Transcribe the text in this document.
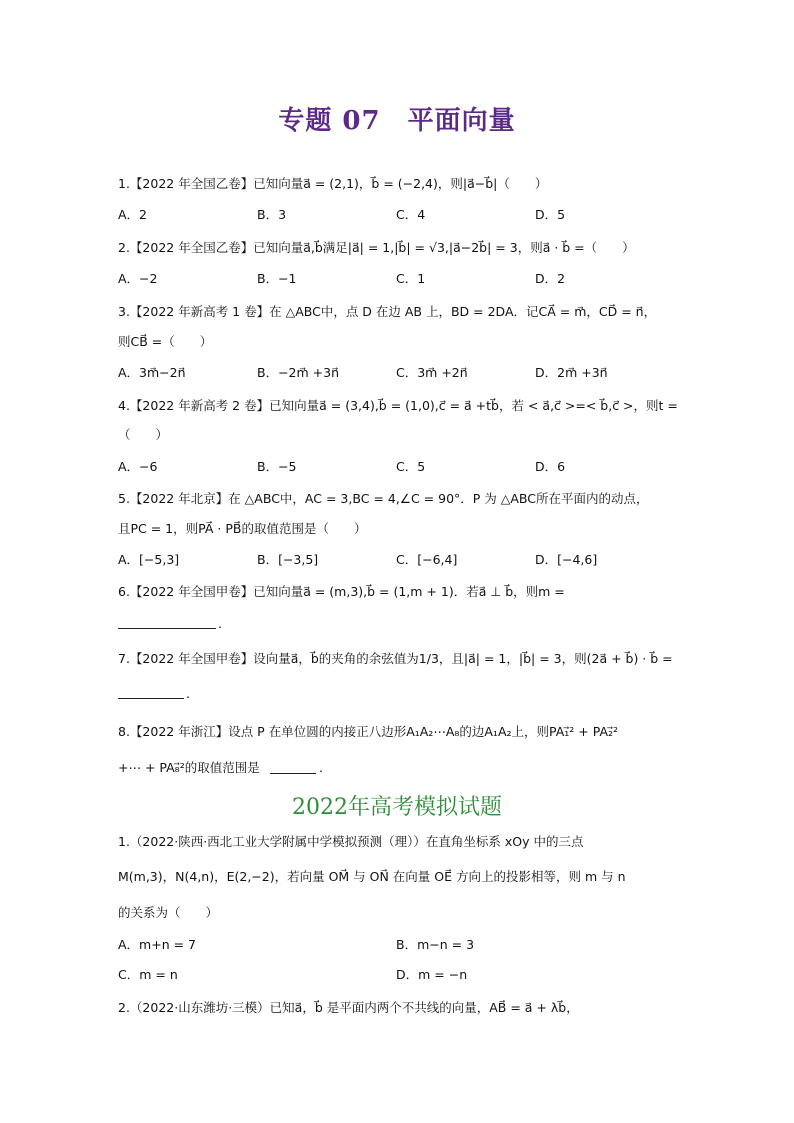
专题 07　平面向量
1.【2022 年全国乙卷】已知向量a⃗ = (2,1)，b⃗ = (−2,4)，则|a⃗−b⃗|（　　）
A．2	B．3	C．4	D．5
2.【2022 年全国乙卷】已知向量a⃗,b⃗满足|a⃗| = 1,|b⃗| = √3,|a⃗−2b⃗| = 3，则a⃗ · b⃗ =（　　）
A．−2	B．−1	C．1	D．2
3.【2022 年新高考 1 卷】在 △ABC中，点 D 在边 AB 上，BD = 2DA．记CA⃗ = m⃗，CD⃗ = n⃗，
则CB⃗ =（　　）
A．3m⃗−2n⃗	B．−2m⃗ +3n⃗	C．3m⃗ +2n⃗	D．2m⃗ +3n⃗
4.【2022 年新高考 2 卷】已知向量a⃗ = (3,4),b⃗ = (1,0),c⃗ = a⃗ +tb⃗，若 < a⃗,c⃗ >=< b⃗,c⃗ >，则t =
（　　）
A．−6	B．−5	C．5	D．6
5.【2022 年北京】在 △ABC中，AC = 3,BC = 4,∠C = 90°．P 为 △ABC所在平面内的动点，
且PC = 1，则PA⃗ · PB⃗的取值范围是（　　）
A．[−5,3]	B．[−3,5]	C．[−6,4]	D．[−4,6]
6.【2022 年全国甲卷】已知向量a⃗ = (m,3),b⃗ = (1,m + 1)．若a⃗ ⊥ b⃗，则m =
.
7.【2022 年全国甲卷】设向量a⃗，b⃗的夹角的余弦值为1/3，且|a⃗| = 1，|b⃗| = 3，则(2a⃗ + b⃗) · b⃗ =
.
8.【2022 年浙江】设点 P 在单位圆的内接正八边形A₁A₂⋯A₈的边A₁A₂上，则PA₁⃗² + PA₂⃗²
+⋯ + PA₈⃗²的取值范围是	.
2022年高考模拟试题
1.（2022·陕西·西北工业大学附属中学模拟预测（理））在直角坐标系 xOy 中的三点
M(m,3)，N(4,n)，E(2,−2)，若向量 OM⃗ 与 ON⃗ 在向量 OE⃗ 方向上的投影相等，则 m 与 n
的关系为（　　）
A．m+n = 7	B．m−n = 3
C．m = n	D．m = −n
2.（2022·山东潍坊·三模）已知a⃗，b⃗ 是平面内两个不共线的向量，AB⃗ = a⃗ + λb⃗，
